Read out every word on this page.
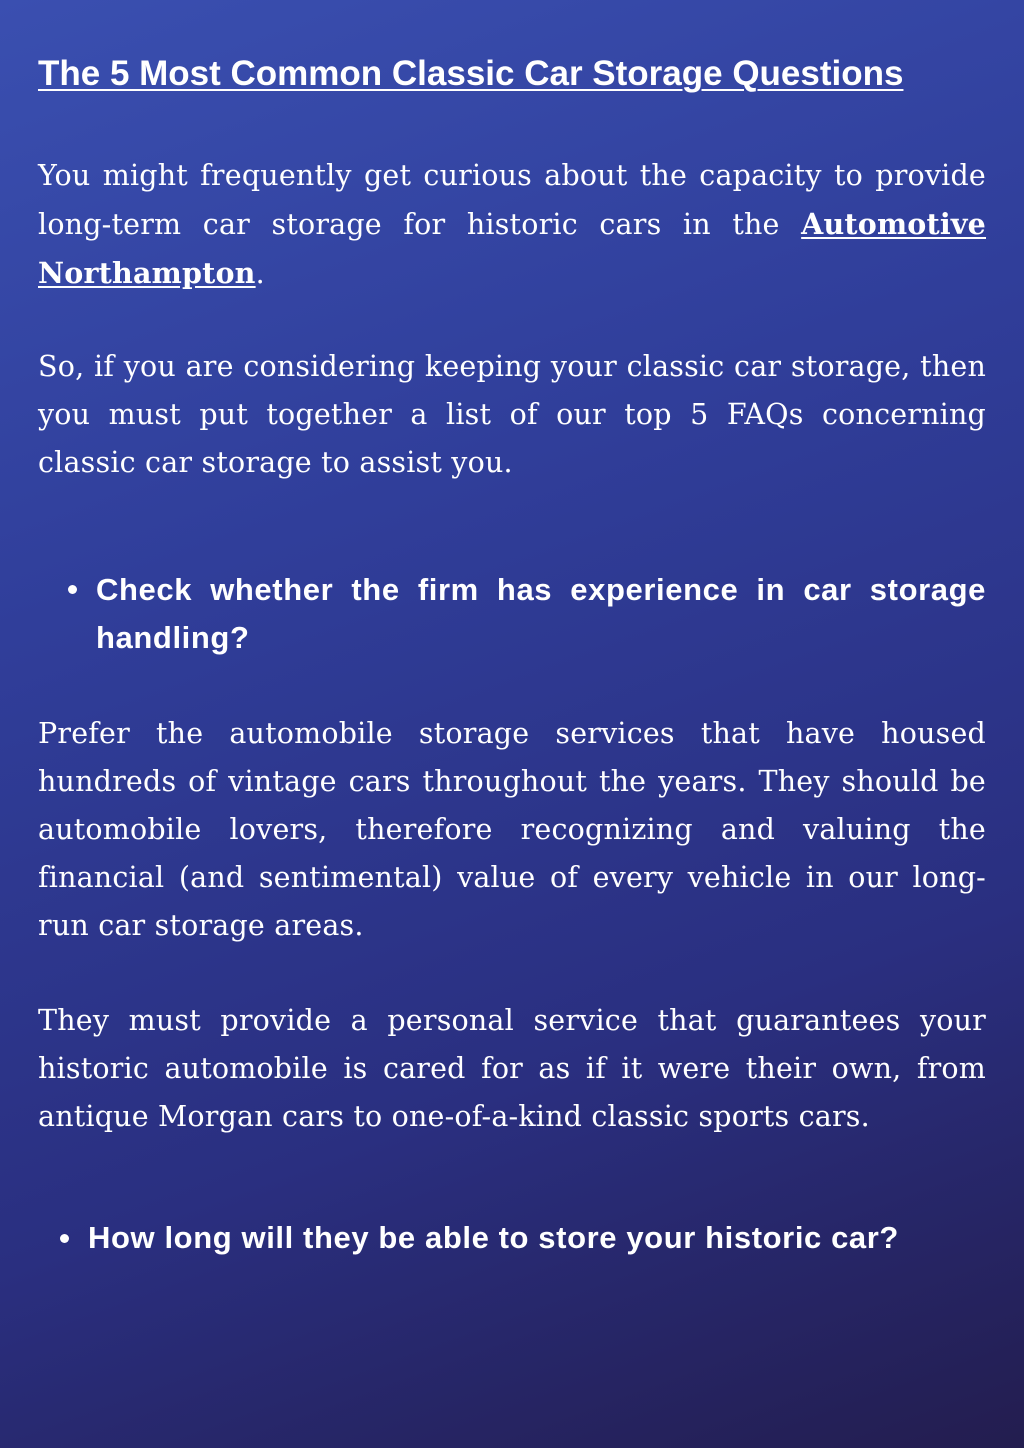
The 5 Most Common Classic Car Storage Questions

You might frequently get curious about the capacity to provide long-term car storage for historic cars in the Automotive Northampton.

So, if you are considering keeping your classic car storage, then you must put together a list of our top 5 FAQs concerning classic car storage to assist you.

Check whether the firm has experience in car storage handling?

Prefer the automobile storage services that have housed hundreds of vintage cars throughout the years. They should be automobile lovers, therefore recognizing and valuing the financial (and sentimental) value of every vehicle in our long-run car storage areas.

They must provide a personal service that guarantees your historic automobile is cared for as if it were their own, from antique Morgan cars to one-of-a-kind classic sports cars.

How long will they be able to store your historic car?
